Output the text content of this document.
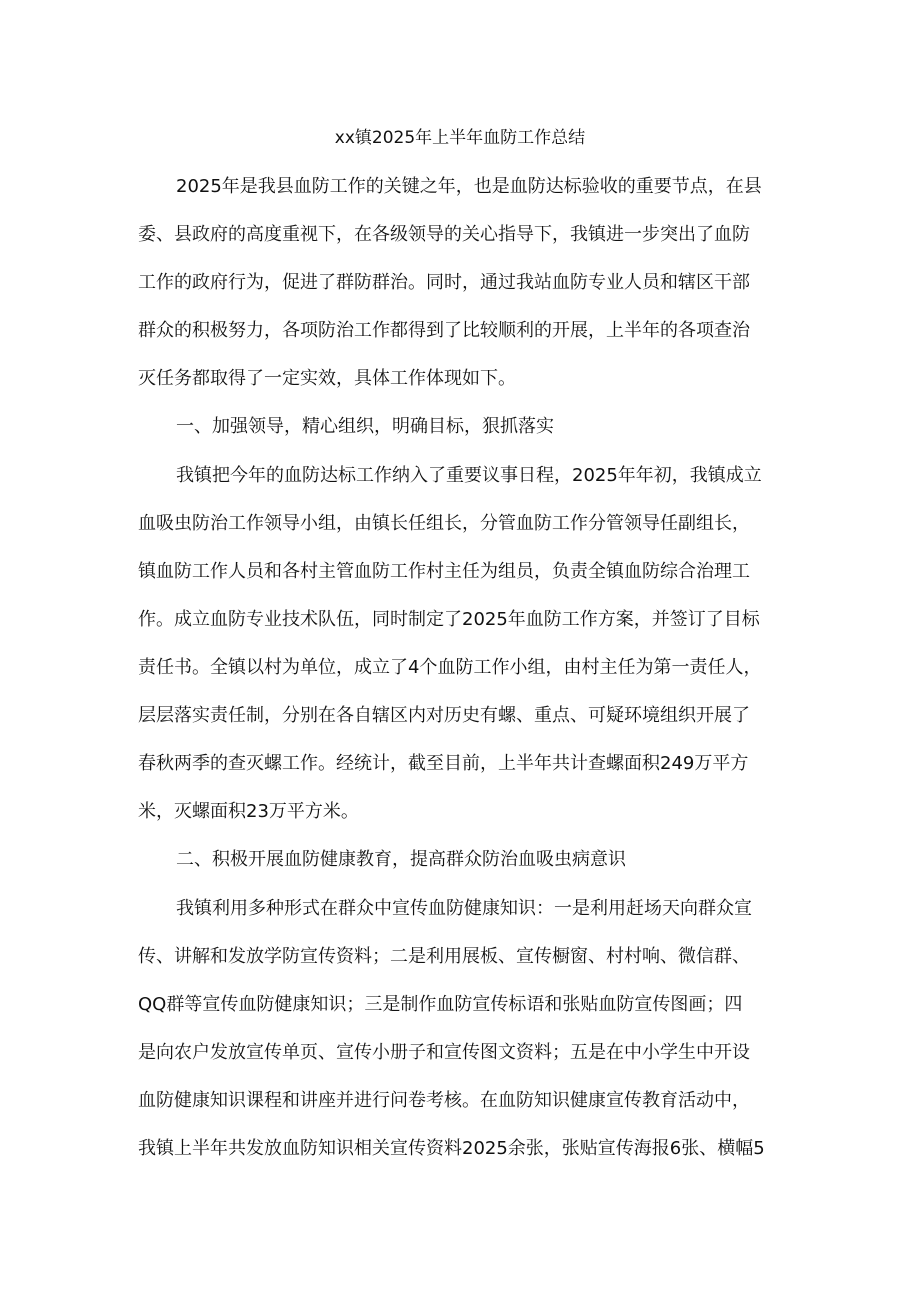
xx镇2025年上半年血防工作总结
2025年是我县血防工作的关键之年，也是血防达标验收的重要节点，在县
委、县政府的高度重视下，在各级领导的关心指导下，我镇进一步突出了血防
工作的政府行为，促进了群防群治。同时，通过我站血防专业人员和辖区干部
群众的积极努力，各项防治工作都得到了比较顺利的开展，上半年的各项查治
灭任务都取得了一定实效，具体工作体现如下。
一、加强领导，精心组织，明确目标，狠抓落实
我镇把今年的血防达标工作纳入了重要议事日程，2025年年初，我镇成立
血吸虫防治工作领导小组，由镇长任组长，分管血防工作分管领导任副组长，
镇血防工作人员和各村主管血防工作村主任为组员，负责全镇血防综合治理工
作。成立血防专业技术队伍，同时制定了2025年血防工作方案，并签订了目标
责任书。全镇以村为单位，成立了4个血防工作小组，由村主任为第一责任人，
层层落实责任制，分别在各自辖区内对历史有螺、重点、可疑环境组织开展了
春秋两季的查灭螺工作。经统计，截至目前，上半年共计查螺面积249万平方
米，灭螺面积23万平方米。
二、积极开展血防健康教育，提高群众防治血吸虫病意识
我镇利用多种形式在群众中宣传血防健康知识：一是利用赶场天向群众宣
传、讲解和发放学防宣传资料；二是利用展板、宣传橱窗、村村响、微信群、
QQ群等宣传血防健康知识；三是制作血防宣传标语和张贴血防宣传图画；四
是向农户发放宣传单页、宣传小册子和宣传图文资料；五是在中小学生中开设
血防健康知识课程和讲座并进行问卷考核。在血防知识健康宣传教育活动中，
我镇上半年共发放血防知识相关宣传资料2025余张，张贴宣传海报6张、横幅5
